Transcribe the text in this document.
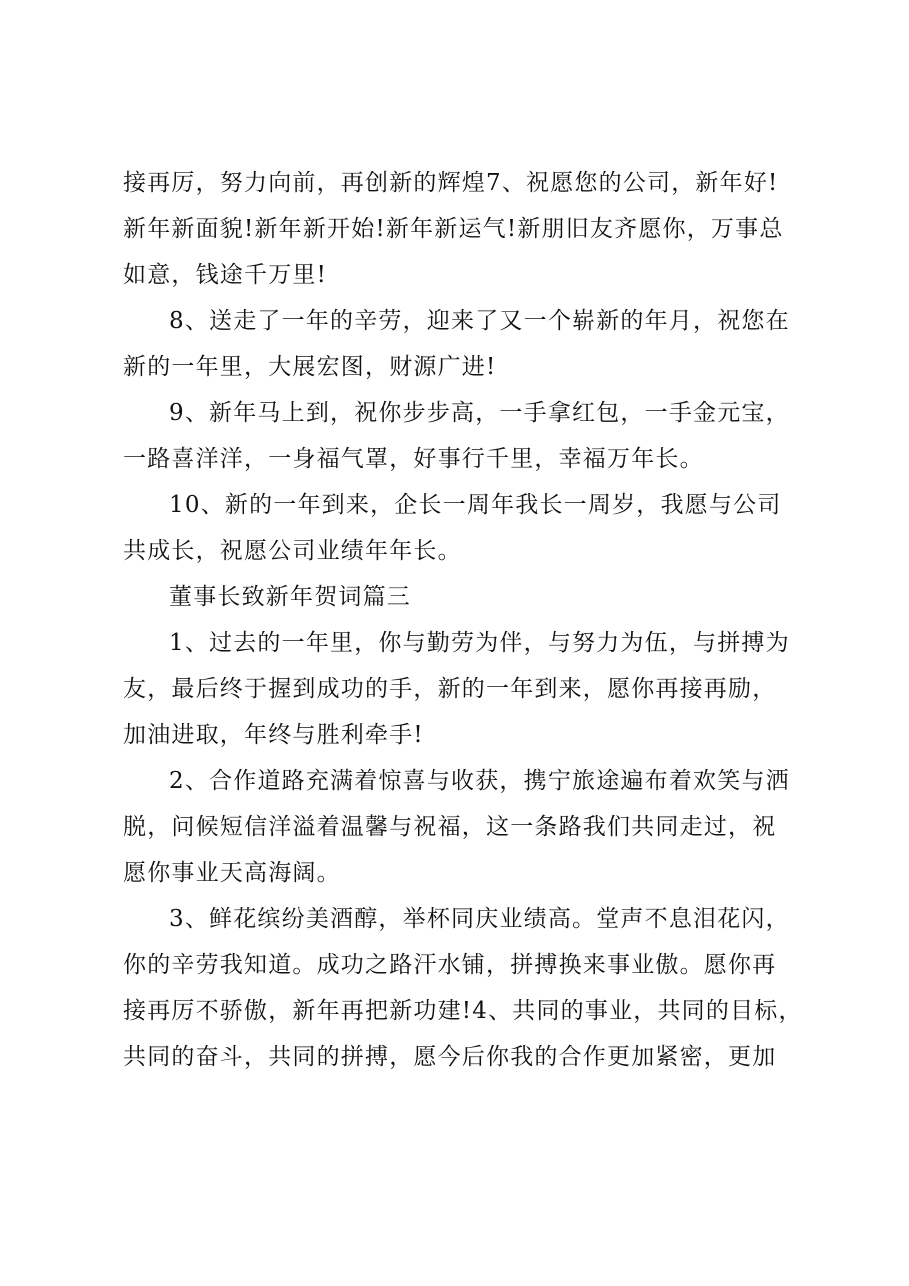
接再厉，努力向前，再创新的辉煌7、祝愿您的公司，新年好!
新年新面貌!新年新开始!新年新运气!新朋旧友齐愿你，万事总
如意，钱途千万里!
8、送走了一年的辛劳，迎来了又一个崭新的年月，祝您在
新的一年里，大展宏图，财源广进!
9、新年马上到，祝你步步高，一手拿红包，一手金元宝，
一路喜洋洋，一身福气罩，好事行千里，幸福万年长。
10、新的一年到来，企长一周年我长一周岁，我愿与公司
共成长，祝愿公司业绩年年长。
董事长致新年贺词篇三
1、过去的一年里，你与勤劳为伴，与努力为伍，与拼搏为
友，最后终于握到成功的手，新的一年到来，愿你再接再励，
加油进取，年终与胜利牵手!
2、合作道路充满着惊喜与收获，携宁旅途遍布着欢笑与洒
脱，问候短信洋溢着温馨与祝福，这一条路我们共同走过，祝
愿你事业天高海阔。
3、鲜花缤纷美酒醇，举杯同庆业绩高。堂声不息泪花闪，
你的辛劳我知道。成功之路汗水铺，拼搏换来事业傲。愿你再
接再厉不骄傲，新年再把新功建!4、共同的事业，共同的目标，
共同的奋斗，共同的拼搏，愿今后你我的合作更加紧密，更加
